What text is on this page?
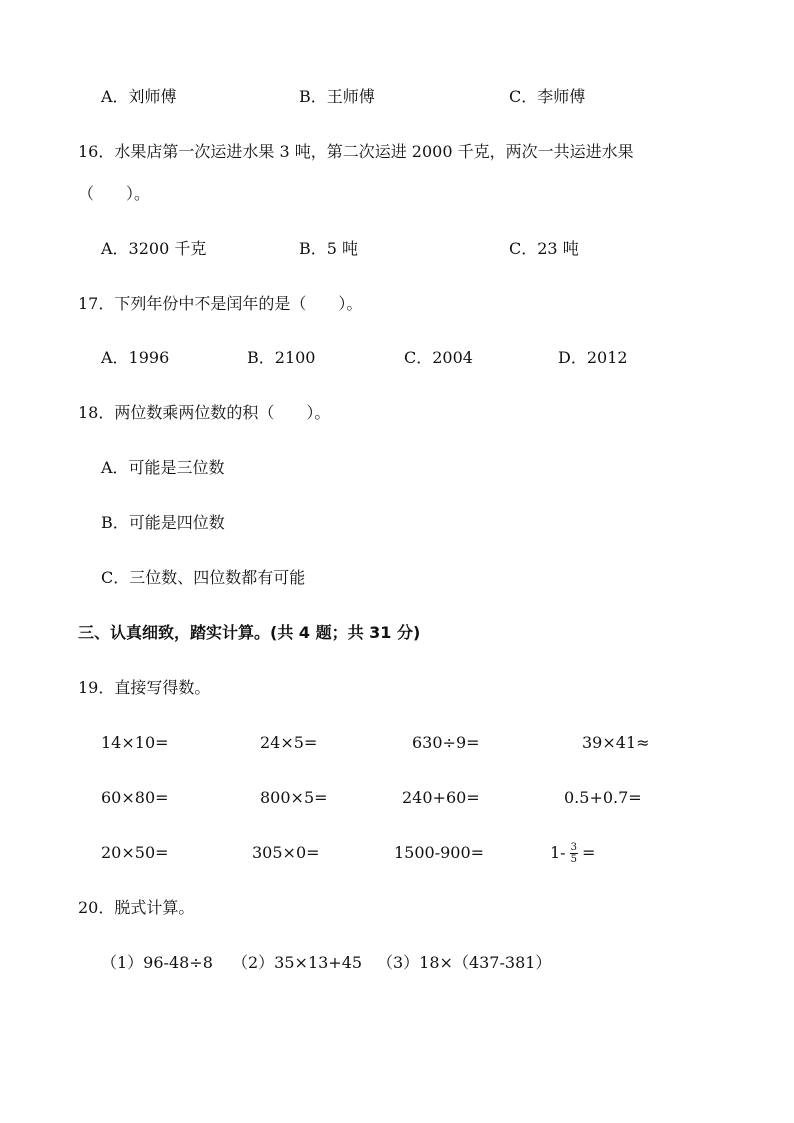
A．刘师傅	B．王师傅	C．李师傅
16．水果店第一次运进水果 3 吨，第二次运进 2000 千克，两次一共运进水果
（　　）。
A．3200 千克	B．5 吨	C．23 吨
17．下列年份中不是闰年的是（　　）。
A．1996	B．2100	C．2004	D．2012
18．两位数乘两位数的积（　　）。
A．可能是三位数
B．可能是四位数
C．三位数、四位数都有可能
三、认真细致，踏实计算。(共 4 题；共 31 分)
19．直接写得数。
14×10=	24×5=	630÷9=	39×41≈
60×80=	800×5=	240+60=	0.5+0.7=
20×50=	305×0=	1500-900=	$1- \frac{3}{5}$ =
20．脱式计算。
（1）96-48÷8 （2）35×13+45 （3）18×（437-381）
